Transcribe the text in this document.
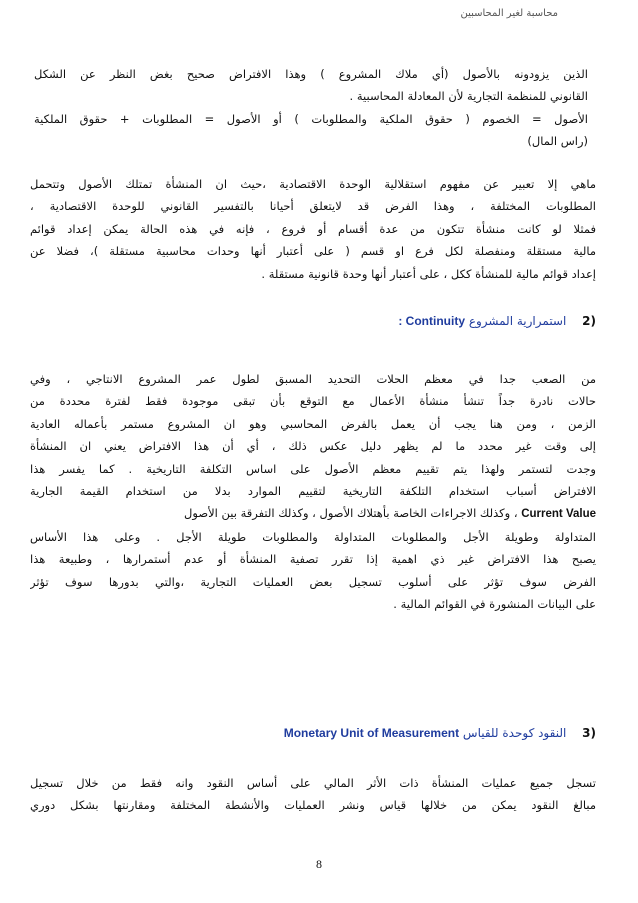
محاسبة لغير المحاسبين
الذين يزودونه بالأصول (أي ملاك المشروع ) وهذا الافتراض صحيح بغض النظر عن الشكل
القانوني للمنظمة التجارية لأن المعادلة المحاسبية .
الأصول = الخصوم ( حقوق الملكية والمطلوبات ) أو الأصول = المطلوبات + حقوق الملكية
(راس المال)
ماهي إلا تعبير عن مفهوم استقلالية الوحدة الاقتصادية ،حيث ان المنشأة تمتلك الأصول وتتحمل
المطلوبات المختلفة ، وهذا الفرض قد لايتعلق أحيانا بالتفسير القانوني للوحدة الاقتصادية ،
فمثلا لو كانت منشأة تتكون من عدة أقسام أو فروع ، فإنه في هذه الحالة يمكن إعداد قوائم
مالية مستقلة ومنفصلة لكل فرع او قسم ( على أعتبار أنها وحدات محاسبية مستقلة )، فضلا عن
إعداد قوائم مالية للمنشأة ككل ، على أعتبار أنها وحدة قانونية مستقلة .
(2 استمرارية المشروع Continuity :
من الصعب جدا في معظم الحلات التحديد المسبق لطول عمر المشروع الانتاجي ، وفي
حالات نادرة جداً تنشأ منشأة الأعمال مع التوقع بأن تبقى موجودة فقط لفترة محددة من
الزمن ، ومن هنا يجب أن يعمل بالفرض المحاسبي وهو ان المشروع مستمر بأعماله العادية
إلى وقت غير محدد ما لم يظهر دليل عكس ذلك ، أي أن هذا الافتراض يعني ان المنشأة
وجدت لتستمر ولهذا يتم تقييم معظم الأصول على اساس التكلفة التاريخية . كما يفسر هذا
الافتراض أسباب استخدام التلكفة التاريخية لتقييم الموارد بدلا من استخدام القيمة الجارية
Current Value ، وكذلك الاجراءات الخاصة بأهتلاك الأصول ، وكذلك التفرقة بين الأصول
المتداولة وطويلة الأجل والمطلوبات المتداولة والمطلوبات طويلة الأجل . وعلى هذا الأساس
يصبح هذا الافتراض غير ذي اهمية إذا تقرر تصفية المنشأة أو عدم أستمرارها ، وطبيعة هذا
الفرض سوف تؤثر على أسلوب تسجيل بعض العمليات التجارية ،والتي بدورها سوف تؤثر
على البيانات المنشورة في القوائم المالية .
(3 النقود كوحدة للقياس Monetary Unit of Measurement
تسجل جميع عمليات المنشأة ذات الأثر المالي على أساس النقود وانه فقط من خلال تسجيل
مبالغ النقود يمكن من خلالها قياس ونشر العمليات والأنشطة المختلفة ومقارنتها بشكل دوري
8
